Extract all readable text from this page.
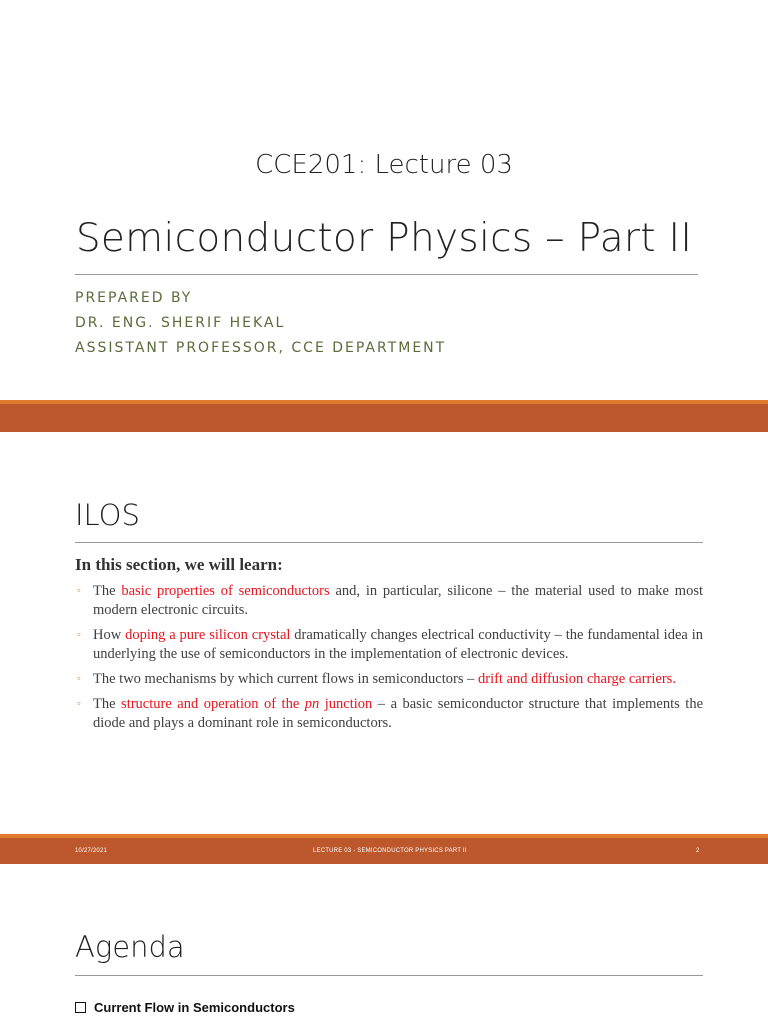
CCE201: Lecture 03
Semiconductor Physics – Part II
PREPARED BY
DR. ENG. SHERIF HEKAL
ASSISTANT PROFESSOR, CCE DEPARTMENT
ILOS
In this section, we will learn:
◦ The basic properties of semiconductors and, in particular, silicone – the material used to make most modern electronic circuits.
◦ How doping a pure silicon crystal dramatically changes electrical conductivity – the fundamental idea in underlying the use of semiconductors in the implementation of electronic devices.
◦ The two mechanisms by which current flows in semiconductors – drift and diffusion charge carriers.
◦ The structure and operation of the pn junction – a basic semiconductor structure that implements the diode and plays a dominant role in semiconductors.
10/27/2021	LECTURE 03 - SEMICONDUCTOR PHYSICS PART II	2
Agenda
Current Flow in Semiconductors
